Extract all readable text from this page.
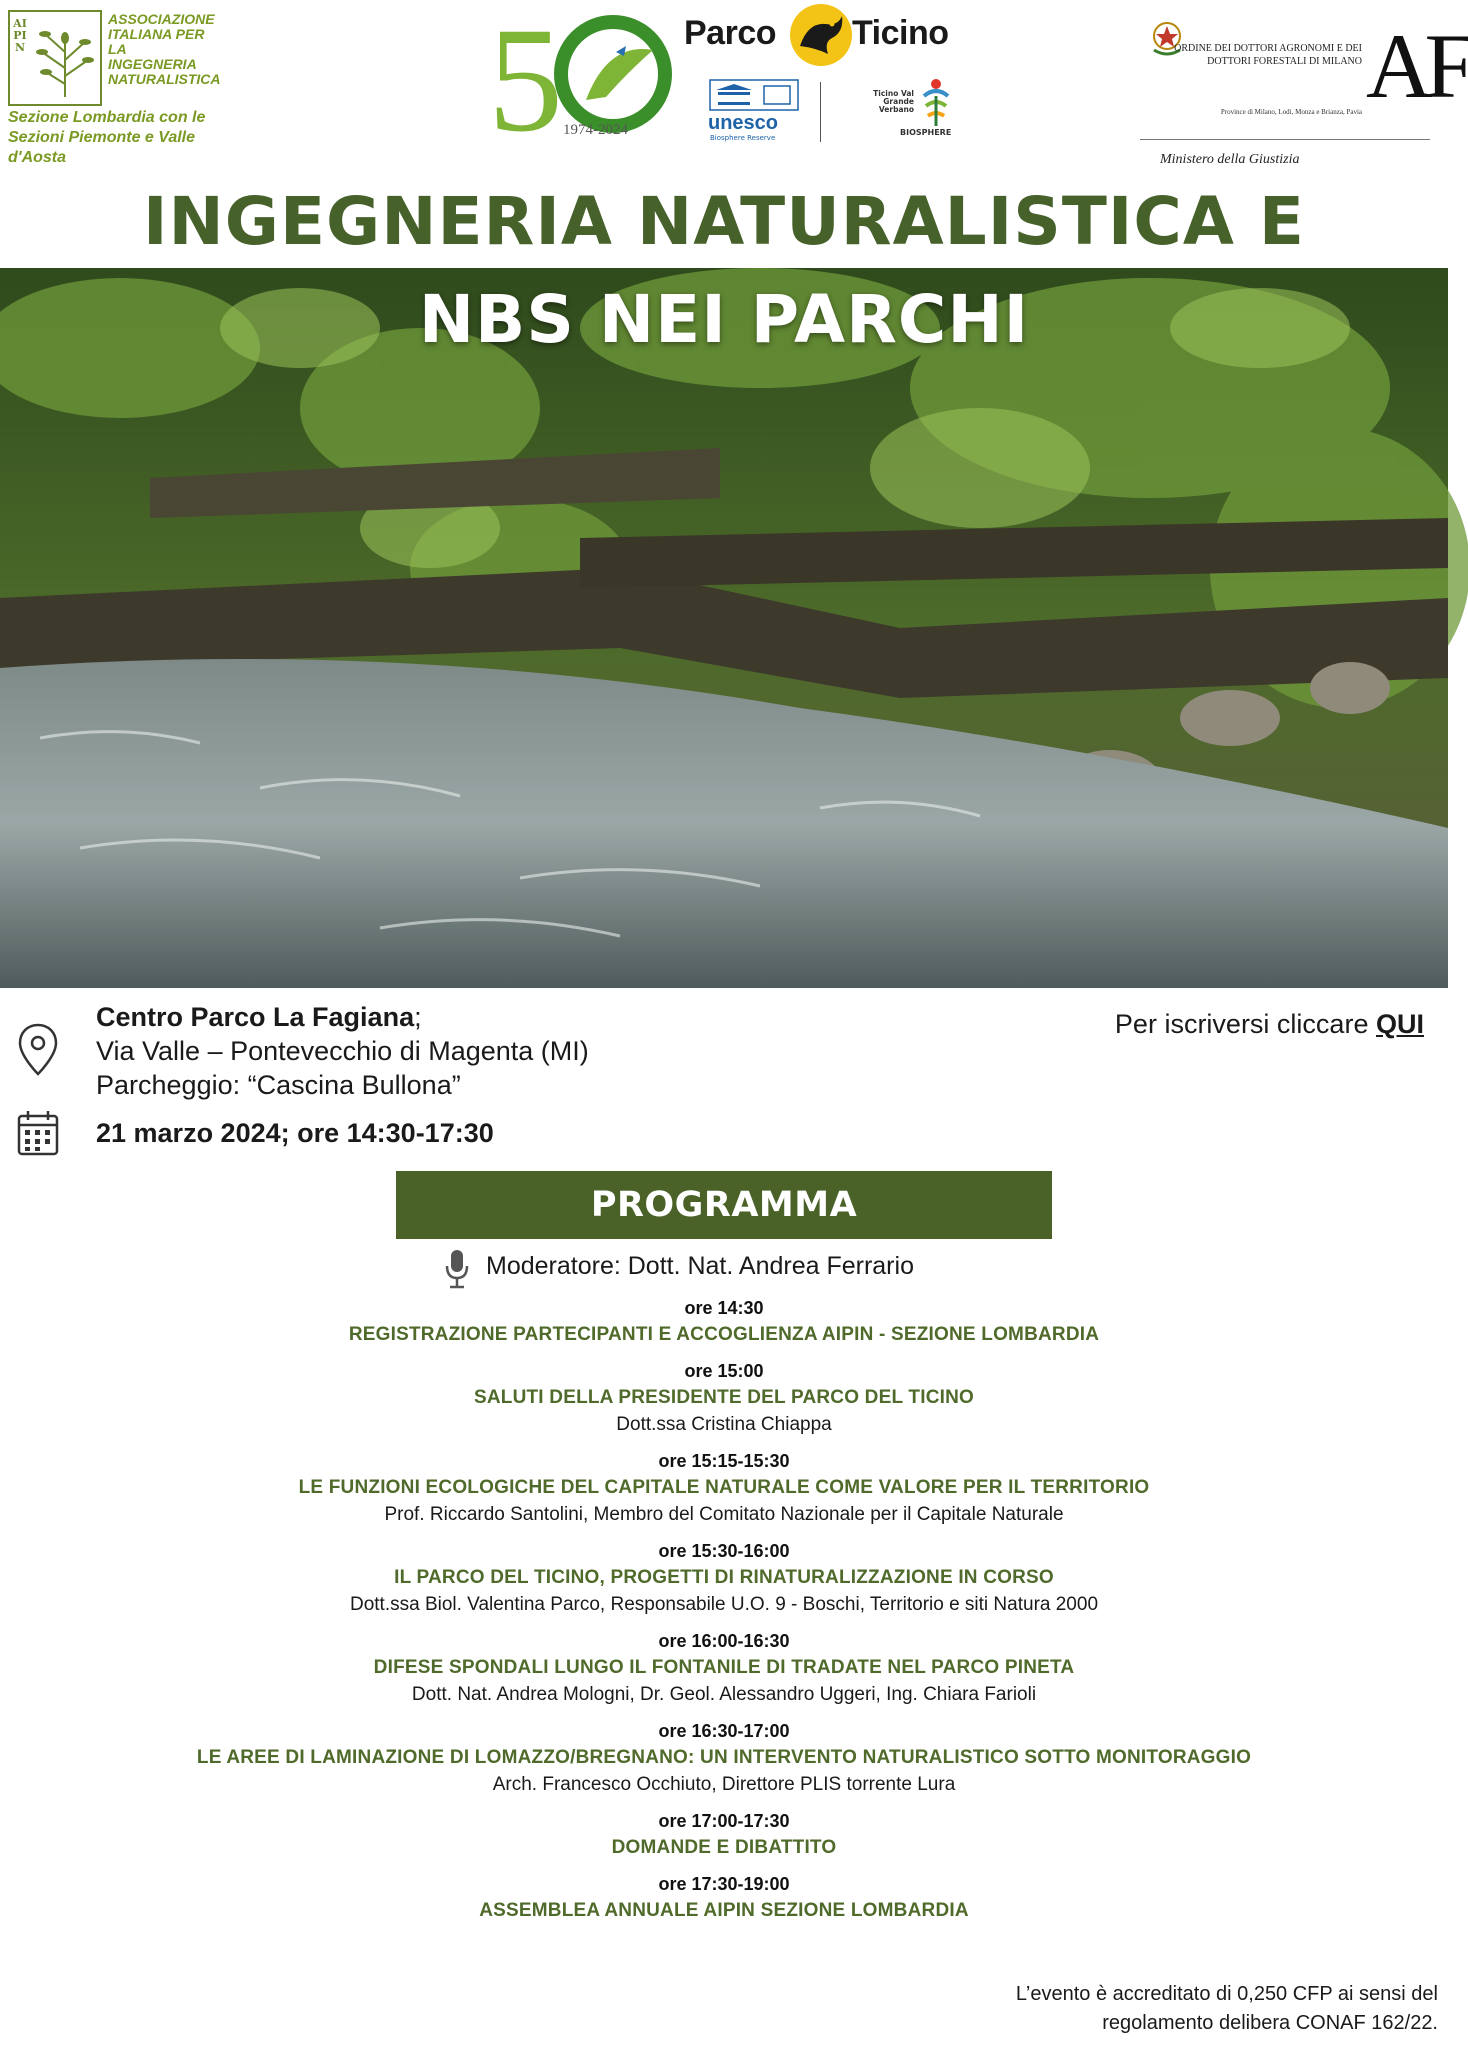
AIPIN
ASSOCIAZIONE ITALIANA PER LA INGEGNERIA NATURALISTICA
Sezione Lombardia con le Sezioni Piemonte e Valle d'Aosta	5 1974-2024
Parco Ticino
unesco
Biosphere Reserve
Ticino Val Grande Verbano
BIOSPHERE
ORDINE DEI DOTTORI AGRONOMI E DEI DOTTORI FORESTALI DI MILANO
Province di Milano, Lodi, Monza e Brianza, Pavia AF
Ministero della Giustizia
INGEGNERIA NATURALISTICA E
NBS NEI PARCHI
Centro Parco La Fagiana;
Via Valle – Pontevecchio di Magenta (MI)
Parcheggio: “Cascina Bullona”
21 marzo 2024; ore 14:30-17:30
Per iscriversi cliccare QUI
PROGRAMMA
Moderatore: Dott. Nat. Andrea Ferrario
ore 14:30
REGISTRAZIONE PARTECIPANTI E ACCOGLIENZA AIPIN - SEZIONE LOMBARDIA
ore 15:00
SALUTI DELLA PRESIDENTE DEL PARCO DEL TICINO
Dott.ssa Cristina Chiappa
ore 15:15-15:30
LE FUNZIONI ECOLOGICHE DEL CAPITALE NATURALE COME VALORE PER IL TERRITORIO
Prof. Riccardo Santolini, Membro del Comitato Nazionale per il Capitale Naturale
ore 15:30-16:00
IL PARCO DEL TICINO, PROGETTI DI RINATURALIZZAZIONE IN CORSO
Dott.ssa Biol. Valentina Parco, Responsabile U.O. 9 - Boschi, Territorio e siti Natura 2000
ore 16:00-16:30
DIFESE SPONDALI LUNGO IL FONTANILE DI TRADATE NEL PARCO PINETA
Dott. Nat. Andrea Mologni, Dr. Geol. Alessandro Uggeri, Ing. Chiara Farioli
ore 16:30-17:00
LE AREE DI LAMINAZIONE DI LOMAZZO/BREGNANO: UN INTERVENTO NATURALISTICO SOTTO MONITORAGGIO
Arch. Francesco Occhiuto, Direttore PLIS torrente Lura
ore 17:00-17:30
DOMANDE E DIBATTITO
ore 17:30-19:00
ASSEMBLEA ANNUALE AIPIN SEZIONE LOMBARDIA
L’evento è accreditato di 0,250 CFP ai sensi del
regolamento delibera CONAF 162/22.
